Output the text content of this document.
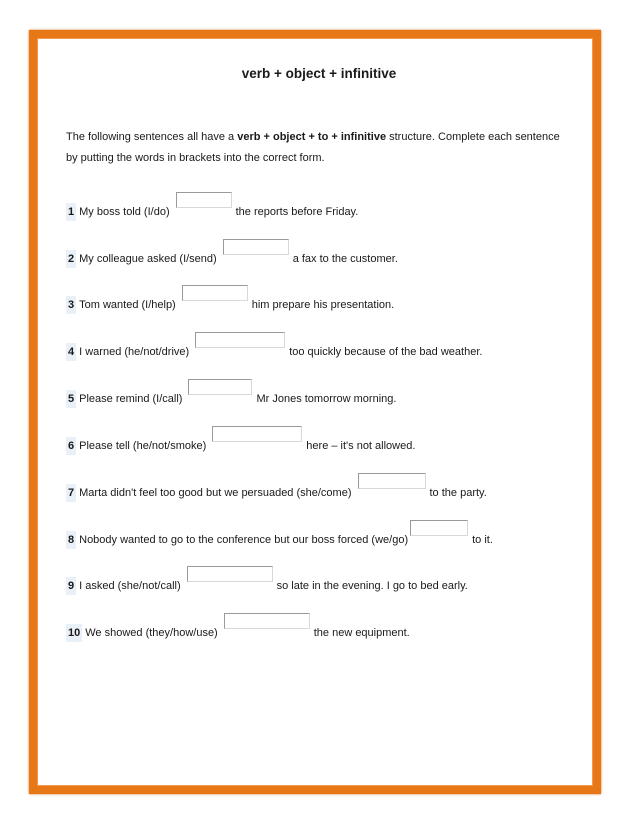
verb + object + infinitive
The following sentences all have a verb + object + to + infinitive structure. Complete each sentence by putting the words in brackets into the correct form.
1 My boss told (I/do)	the reports before Friday.
2 My colleague asked (I/send)	a fax to the customer.
3 Tom wanted (I/help)	him prepare his presentation.
4 I warned (he/not/drive)	too quickly because of the bad weather.
5 Please remind (I/call)	Mr Jones tomorrow morning.
6 Please tell (he/not/smoke)	here – it's not allowed.
7 Marta didn't feel too good but we persuaded (she/come)	to the party.
8 Nobody wanted to go to the conference but our boss forced (we/go)	to it.
9 I asked (she/not/call)	so late in the evening. I go to bed early.
10 We showed (they/how/use)	the new equipment.
